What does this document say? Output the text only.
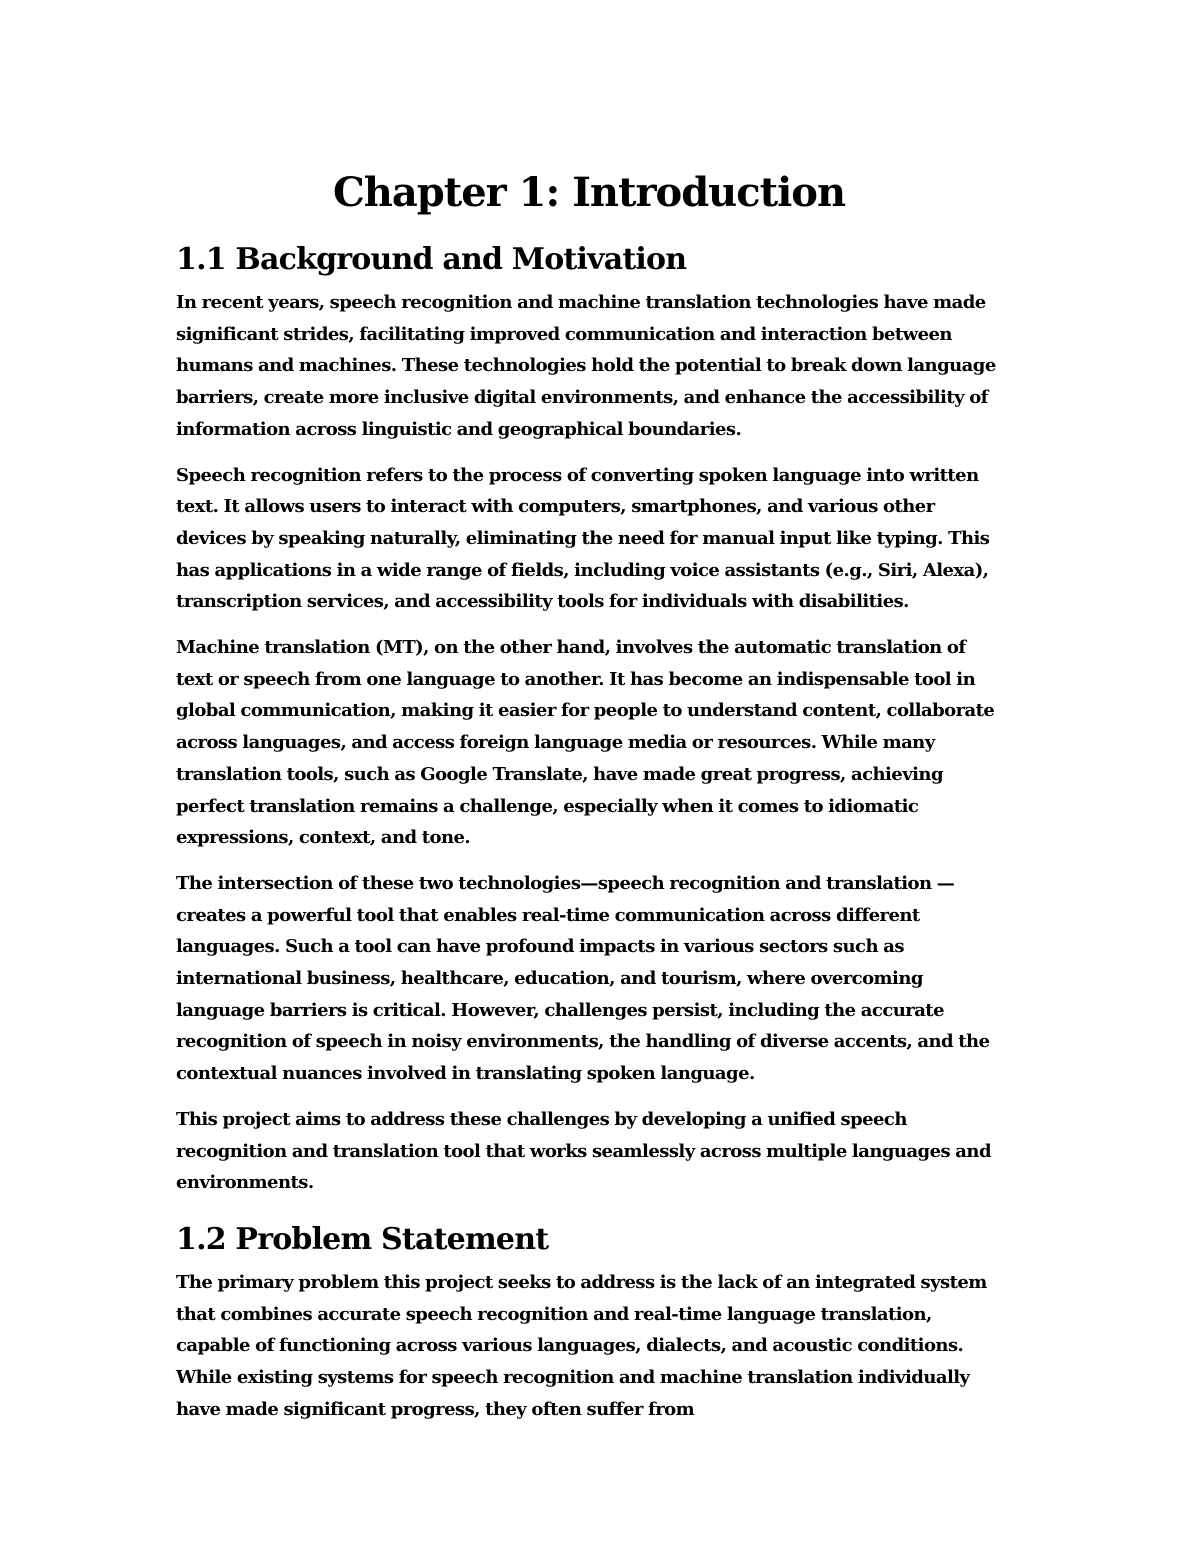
Chapter 1: Introduction
1.1 Background and Motivation

In recent years, speech recognition and machine translation technologies have made significant strides, facilitating improved communication and interaction between humans and machines. These technologies hold the potential to break down language barriers, create more inclusive digital environments, and enhance the accessibility of information across linguistic and geographical boundaries.

Speech recognition refers to the process of converting spoken language into written text. It allows users to interact with computers, smartphones, and various other devices by speaking naturally, eliminating the need for manual input like typing. This has applications in a wide range of fields, including voice assistants (e.g., Siri, Alexa), transcription services, and accessibility tools for individuals with disabilities.

Machine translation (MT), on the other hand, involves the automatic translation of text or speech from one language to another. It has become an indispensable tool in global communication, making it easier for people to understand content, collaborate across languages, and access foreign language media or resources. While many translation tools, such as Google Translate, have made great progress, achieving perfect translation remains a challenge, especially when it comes to idiomatic expressions, context, and tone.

The intersection of these two technologies—speech recognition and translation —creates a powerful tool that enables real-time communication across different languages. Such a tool can have profound impacts in various sectors such as international business, healthcare, education, and tourism, where overcoming language barriers is critical. However, challenges persist, including the accurate recognition of speech in noisy environments, the handling of diverse accents, and the contextual nuances involved in translating spoken language.

This project aims to address these challenges by developing a unified speech recognition and translation tool that works seamlessly across multiple languages and environments.

1.2 Problem Statement

The primary problem this project seeks to address is the lack of an integrated system that combines accurate speech recognition and real-time language translation, capable of functioning across various languages, dialects, and acoustic conditions. While existing systems for speech recognition and machine translation individually have made significant progress, they often suffer from
